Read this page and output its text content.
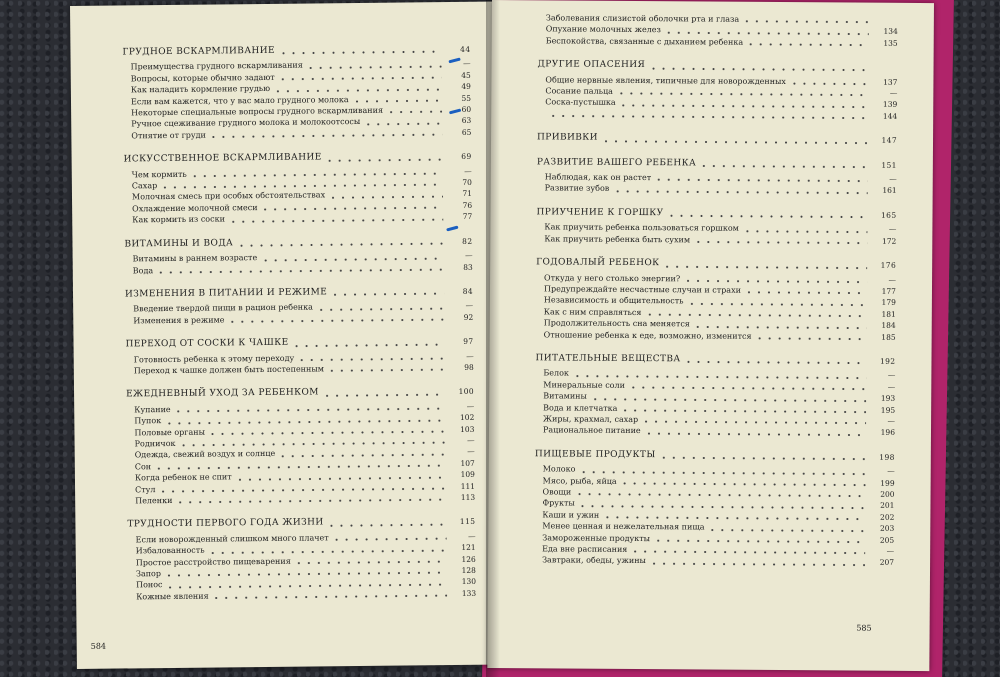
ГРУДНОЕ ВСКАРМЛИВАНИЕ	44
Преимущества грудного вскармливания	—
Вопросы, которые обычно задают	45
Как наладить кормление грудью	49
Если вам кажется, что у вас мало грудного молока	55
Некоторые специальные вопросы грудного вскармливания	60
Ручное сцеживание грудного молока и молокоотсосы	63
Отнятие от груди	65
ИСКУССТВЕННОЕ ВСКАРМЛИВАНИЕ	69
Чем кормить	—
Сахар	70
Молочная смесь при особых обстоятельствах	71
Охлаждение молочной смеси	76
Как кормить из соски	77
ВИТАМИНЫ И ВОДА	82
Витамины в раннем возрасте	—
Вода	83
ИЗМЕНЕНИЯ В ПИТАНИИ И РЕЖИМЕ	84
Введение твердой пищи в рацион ребенка	—
Изменения в режиме	92
ПЕРЕХОД ОТ СОСКИ К ЧАШКЕ	97
Готовность ребенка к этому переходу	—
Переход к чашке должен быть постепенным	98
ЕЖЕДНЕВНЫЙ УХОД ЗА РЕБЕНКОМ	100
Купание	—
Пупок	102
Половые органы	103
Родничок	—
Одежда, свежий воздух и солнце	—
Сон	107
Когда ребенок не спит	109
Стул	111
Пеленки	113
ТРУДНОСТИ ПЕРВОГО ГОДА ЖИЗНИ	115
Если новорожденный слишком много плачет	—
Избалованность	121
Простое расстройство пищеварения	126
Запор	128
Понос	130
Кожные явления	133
584
Заболевания слизистой оболочки рта и глаза
Опухание молочных желез	134
Беспокойства, связанные с дыханием ребенка	135
ДРУГИЕ ОПАСЕНИЯ
Общие нервные явления, типичные для новорожденных	137
Сосание пальца	—
Соска-пустышка	139
144
ПРИВИВКИ	147
РАЗВИТИЕ ВАШЕГО РЕБЕНКА	151
Наблюдая, как он растет	—
Развитие зубов	161
ПРИУЧЕНИЕ К ГОРШКУ	165
Как приучить ребенка пользоваться горшком	—
Как приучить ребенка быть сухим	172
ГОДОВАЛЫЙ РЕБЕНОК	176
Откуда у него столько энергии?	—
Предупреждайте несчастные случаи и страхи	177
Независимость и общительность	179
Как с ним справляться	181
Продолжительность сна меняется	184
Отношение ребенка к еде, возможно, изменится	185
ПИТАТЕЛЬНЫЕ ВЕЩЕСТВА	192
Белок	—
Минеральные соли	—
Витамины	193
Вода и клетчатка	195
Жиры, крахмал, сахар	—
Рациональное питание	196
ПИЩЕВЫЕ ПРОДУКТЫ	198
Молоко	—
Мясо, рыба, яйца	199
Овощи	200
Фрукты	201
Каши и ужин	202
Менее ценная и нежелательная пища	203
Замороженные продукты	205
Еда вне расписания	—
Завтраки, обеды, ужины	207
585
